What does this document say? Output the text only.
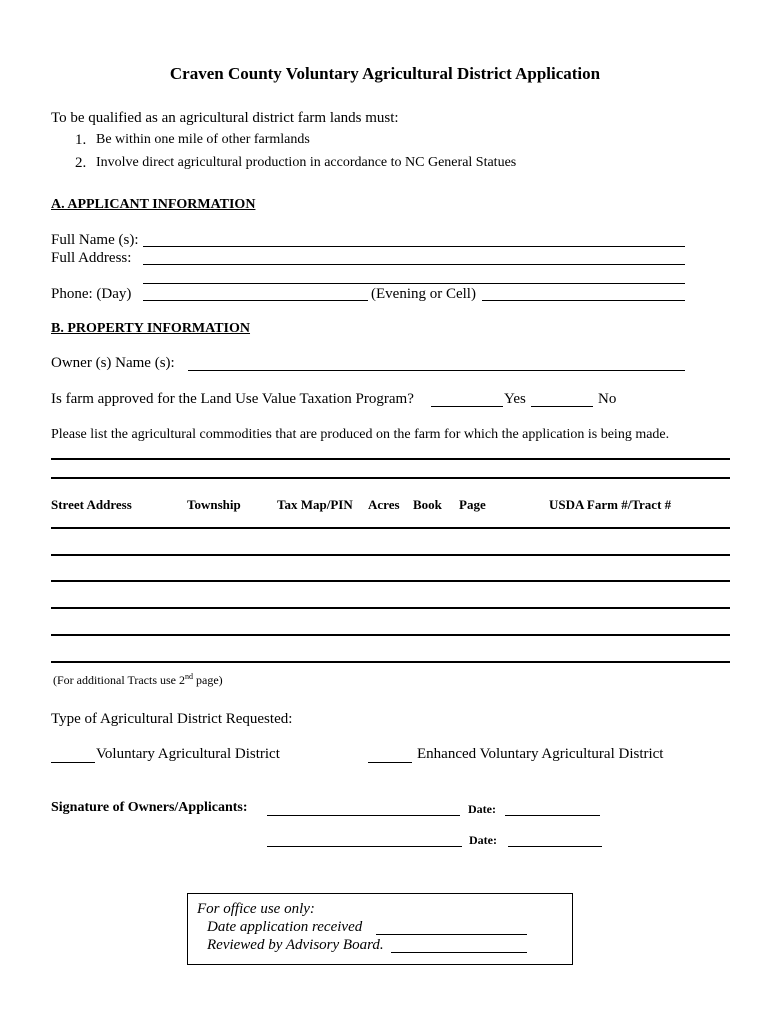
Craven County Voluntary Agricultural District Application
To be qualified as an agricultural district farm lands must:
1. Be within one mile of other farmlands
2. Involve direct agricultural production in accordance to NC General Statues
A. APPLICANT INFORMATION
Full Name (s):
Full Address:
Phone: (Day)	(Evening or Cell)
B. PROPERTY INFORMATION
Owner (s) Name (s):
Is farm approved for the Land Use Value Taxation Program?	Yes	No
Please list the agricultural commodities that are produced on the farm for which the application is being made.
Street Address	Township	Tax Map/PIN Acres Book Page	USDA Farm #/Tract #
(For additional Tracts use 2nd page)
Type of Agricultural District Requested:
Voluntary Agricultural District	Enhanced Voluntary Agricultural District
Signature of Owners/Applicants:	Date:
Date:
For office use only:
Date application received
Reviewed by Advisory Board.
